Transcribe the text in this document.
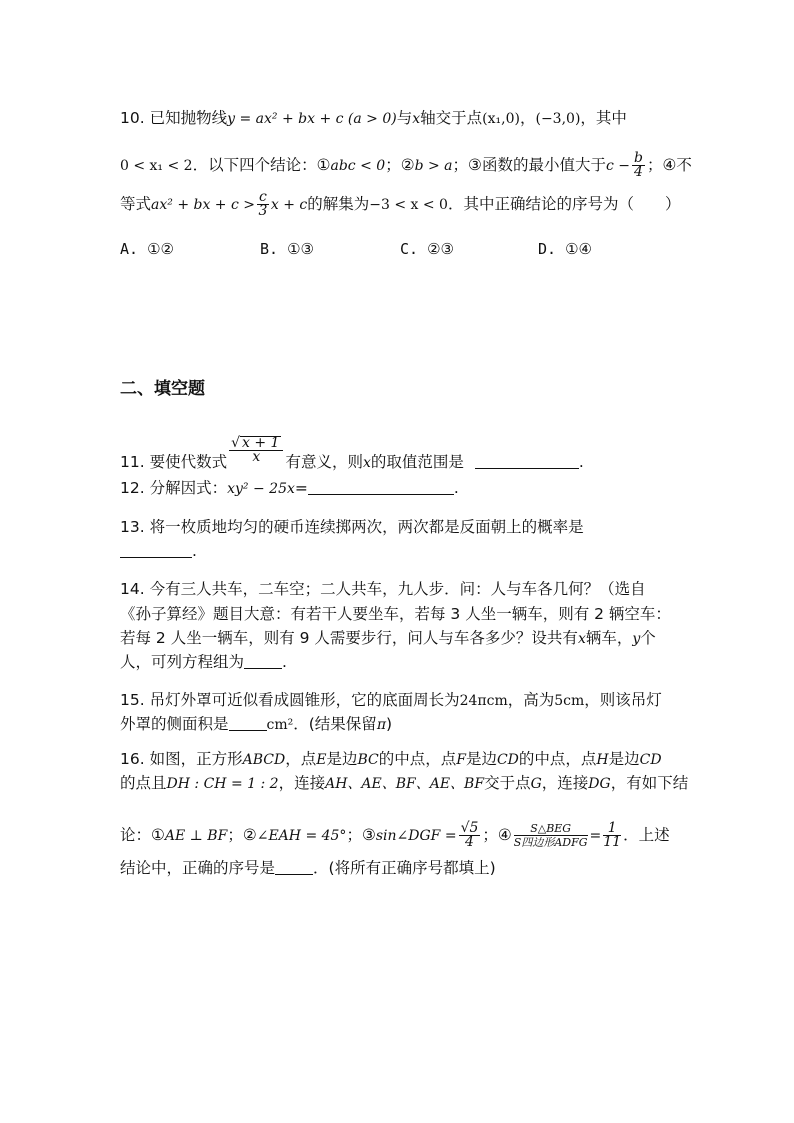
10. 已知抛物线y = ax² + bx + c (a > 0)与x轴交于点(x₁,0)，(−3,0)，其中
0 < x₁ < 2．以下四个结论：①abc < 0；②b > a；③函数的最小值大于$c - \frac{b}{4}$ ；④不
等式ax² + bx + $c > \frac{c}{3}$ x + c的解集为−3 < x < 0．其中正确结论的序号为（　　）
A. ①②	B. ①③	C. ②③	D. ①④
二、填空题
11. 要使代数式 $\frac{√ x + 1}{x}$ 有意义，则x的取值范围是	.
12. 分解因式：xy² − 25x=	.
13. 将一枚质地均匀的硬币连续掷两次，两次都是反面朝上的概率是
.
14. 今有三人共车，二车空；二人共车，九人步．问：人与车各几何？（选自
《孙子算经》题目大意：有若干人要坐车，若每 3 人坐一辆车，则有 2 辆空车：
若每 2 人坐一辆车，则有 9 人需要步行，问人与车各多少？设共有x辆车，y个
人，可列方程组为 .
15. 吊灯外罩可近似看成圆锥形，它的底面周长为24πcm，高为5cm，则该吊灯
外罩的侧面积是	cm²．(结果保留π)
16. 如图，正方形ABCD，点E是边BC的中点，点F是边CD的中点，点H是边CD
的点且DH : CH = 1 : 2，连接AH、AE、BF、AE、BF交于点G，连接DG，有如下结
论：①AE ⊥ BF；②∠EAH = 45°；③sin∠DGF = $\frac{√5}{4}$ ；④ $\frac{\text{S△BEG}}{\text{S四边形ADFG}} = \frac{1}{11}$ ．上述
结论中，正确的序号是 ．(将所有正确序号都填上)
